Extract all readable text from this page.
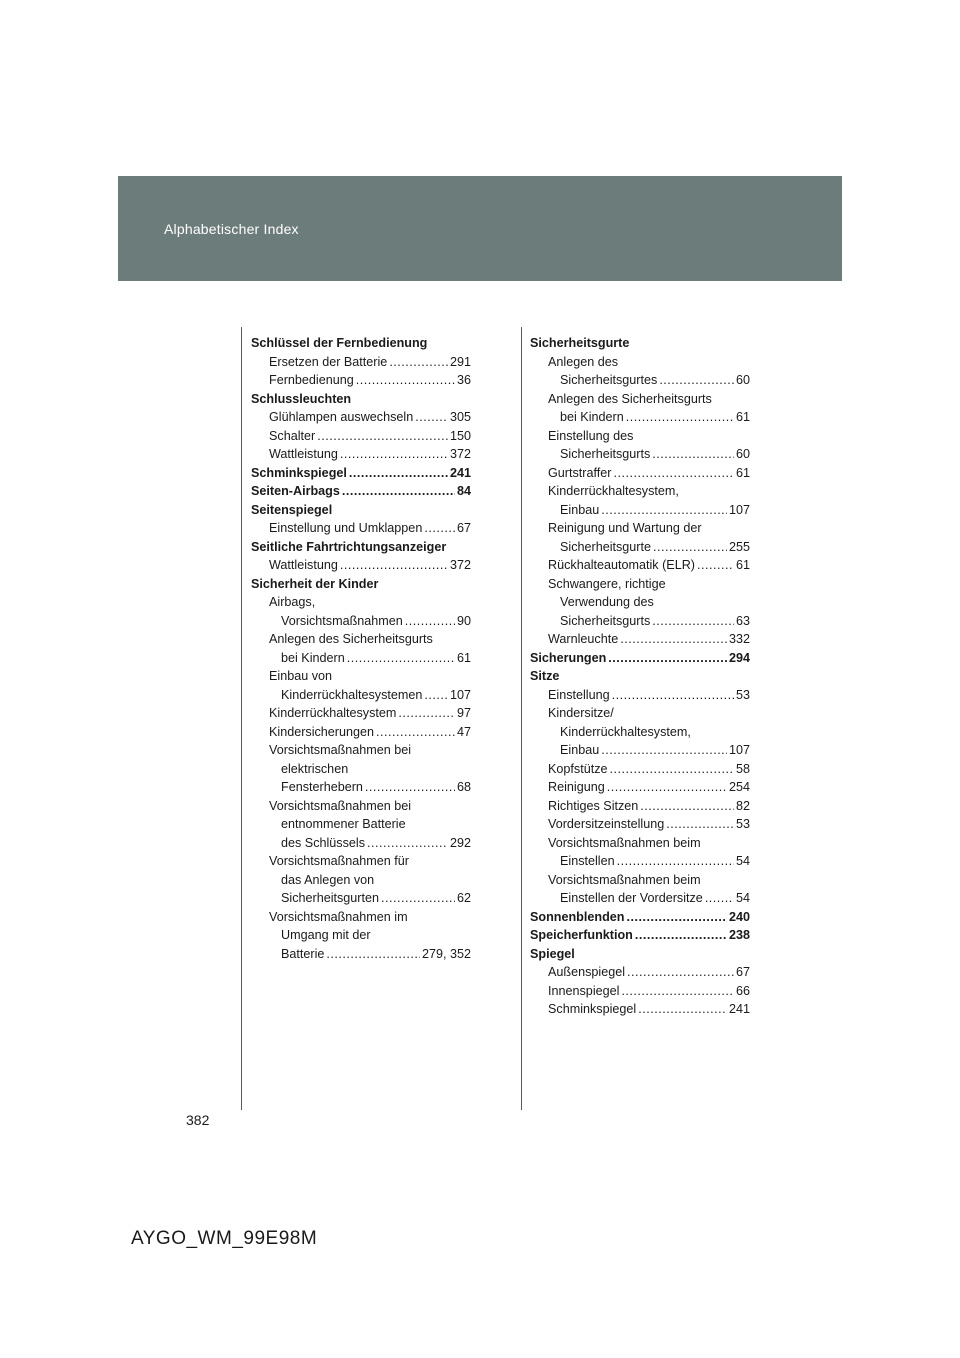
Alphabetischer Index
Schlüssel der Fernbedienung
Ersetzen der Batterie .....	291
Fernbedienung .....	36
Schlussleuchten
Glühlampen auswechseln .....	305
Schalter .....	150
Wattleistung .....	372
Schminkspiegel .....	241
Seiten-Airbags .....	84
Seitenspiegel
Einstellung und Umklappen .....	67
Seitliche Fahrtrichtungsanzeiger
Wattleistung .....	372
Sicherheit der Kinder
Airbags,
Vorsichtsmaßnahmen .....	90
Anlegen des Sicherheitsgurts
bei Kindern .....	61
Einbau von
Kinderrückhaltesystemen ..... 107
Kinderrückhaltesystem .....	97
Kindersicherungen .....	47
Vorsichtsmaßnahmen bei
elektrischen
Fensterhebern .....	68
Vorsichtsmaßnahmen bei
entnommener Batterie
des Schlüssels .....	292
Vorsichtsmaßnahmen für
das Anlegen von
Sicherheitsgurten .....	62
Vorsichtsmaßnahmen im
Umgang mit der
Batterie .....	279, 352
Sicherheitsgurte
Anlegen des
Sicherheitsgurtes .....	60
Anlegen des Sicherheitsgurts
bei Kindern .....	61
Einstellung des
Sicherheitsgurts .....	60
Gurtstraffer .....	61
Kinderrückhaltesystem,
Einbau .....	107
Reinigung und Wartung der
Sicherheitsgurte .....	255
Rückhalteautomatik (ELR) .....	61
Schwangere, richtige
Verwendung des
Sicherheitsgurts .....	63
Warnleuchte .....	332
Sicherungen .....	294
Sitze
Einstellung .....	53
Kindersitze/
Kinderrückhaltesystem,
Einbau .....	107
Kopfstütze .....	58
Reinigung .....	254
Richtiges Sitzen .....	82
Vordersitzeinstellung .....	53
Vorsichtsmaßnahmen beim
Einstellen .....	54
Vorsichtsmaßnahmen beim
Einstellen der Vordersitze .....	54
Sonnenblenden .....	240
Speicherfunktion .....	238
Spiegel
Außenspiegel .....	67
Innenspiegel .....	66
Schminkspiegel .....	241
382
AYGO_WM_99E98M
